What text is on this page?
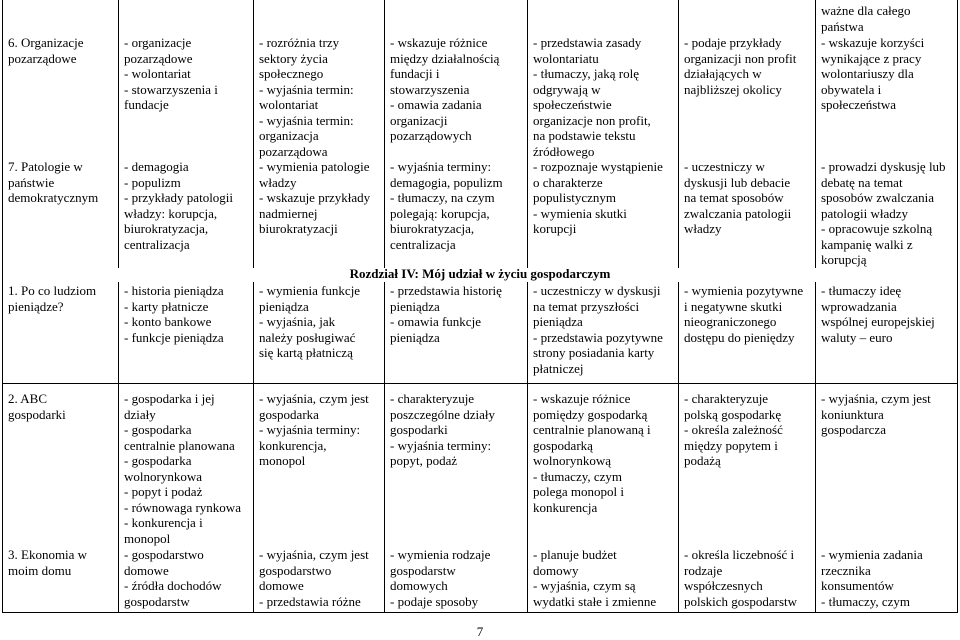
ważne dla całego
państwa
6. Organizacje
pozarządowe
- organizacje
pozarządowe
- wolontariat
- stowarzyszenia i
fundacje
- rozróżnia trzy
sektory życia
społecznego
- wyjaśnia termin:
wolontariat
- wyjaśnia termin:
organizacja
pozarządowa
- wskazuje różnice
między działalnością
fundacji i
stowarzyszenia
- omawia zadania
organizacji
pozarządowych
- przedstawia zasady
wolontariatu
- tłumaczy, jaką rolę
odgrywają w
społeczeństwie
organizacje non profit,
na podstawie tekstu
źródłowego
- podaje przykłady
organizacji non profit
działających w
najbliższej okolicy
- wskazuje korzyści
wynikające z pracy
wolontariuszy dla
obywatela i
społeczeństwa
7. Patologie w
państwie
demokratycznym
- demagogia
- populizm
- przykłady patologii
władzy: korupcja,
biurokratyzacja,
centralizacja
- wymienia patologie
władzy
- wskazuje przykłady
nadmiernej
biurokratyzacji
- wyjaśnia terminy:
demagogia, populizm
- tłumaczy, na czym
polegają: korupcja,
biurokratyzacja,
centralizacja
- rozpoznaje wystąpienie
o charakterze
populistycznym
- wymienia skutki
korupcji
- uczestniczy w
dyskusji lub debacie
na temat sposobów
zwalczania patologii
władzy
- prowadzi dyskusję lub
debatę na temat
sposobów zwalczania
patologii władzy
- opracowuje szkolną
kampanię walki z
korupcją
Rozdział IV: Mój udział w życiu gospodarczym
1. Po co ludziom
pieniądze?
- historia pieniądza
- karty płatnicze
- konto bankowe
- funkcje pieniądza
- wymienia funkcje
pieniądza
- wyjaśnia, jak
należy posługiwać
się kartą płatniczą
- przedstawia historię
pieniądza
- omawia funkcje
pieniądza
- uczestniczy w dyskusji
na temat przyszłości
pieniądza
- przedstawia pozytywne
strony posiadania karty
płatniczej
- wymienia pozytywne
i negatywne skutki
nieograniczonego
dostępu do pieniędzy
- tłumaczy ideę
wprowadzania
wspólnej europejskiej
waluty – euro
2. ABC
gospodarki
- gospodarka i jej
działy
- gospodarka
centralnie planowana
- gospodarka
wolnorynkowa
- popyt i podaż
- równowaga rynkowa
- konkurencja i
monopol
- wyjaśnia, czym jest
gospodarka
- wyjaśnia terminy:
konkurencja,
monopol
- charakteryzuje
poszczególne działy
gospodarki
- wyjaśnia terminy:
popyt, podaż
- wskazuje różnice
pomiędzy gospodarką
centralnie planowaną i
gospodarką
wolnorynkową
- tłumaczy, czym
polega monopol i
konkurencja
- charakteryzuje
polską gospodarkę
- określa zależność
między popytem i
podażą
- wyjaśnia, czym jest
koniunktura
gospodarcza
3. Ekonomia w
moim domu
- gospodarstwo
domowe
- źródła dochodów
gospodarstw
- wyjaśnia, czym jest
gospodarstwo
domowe
- przedstawia różne
- wymienia rodzaje
gospodarstw
domowych
- podaje sposoby
- planuje budżet
domowy
- wyjaśnia, czym są
wydatki stałe i zmienne
- określa liczebność i
rodzaje
współczesnych
polskich gospodarstw
- wymienia zadania
rzecznika
konsumentów
- tłumaczy, czym
7
